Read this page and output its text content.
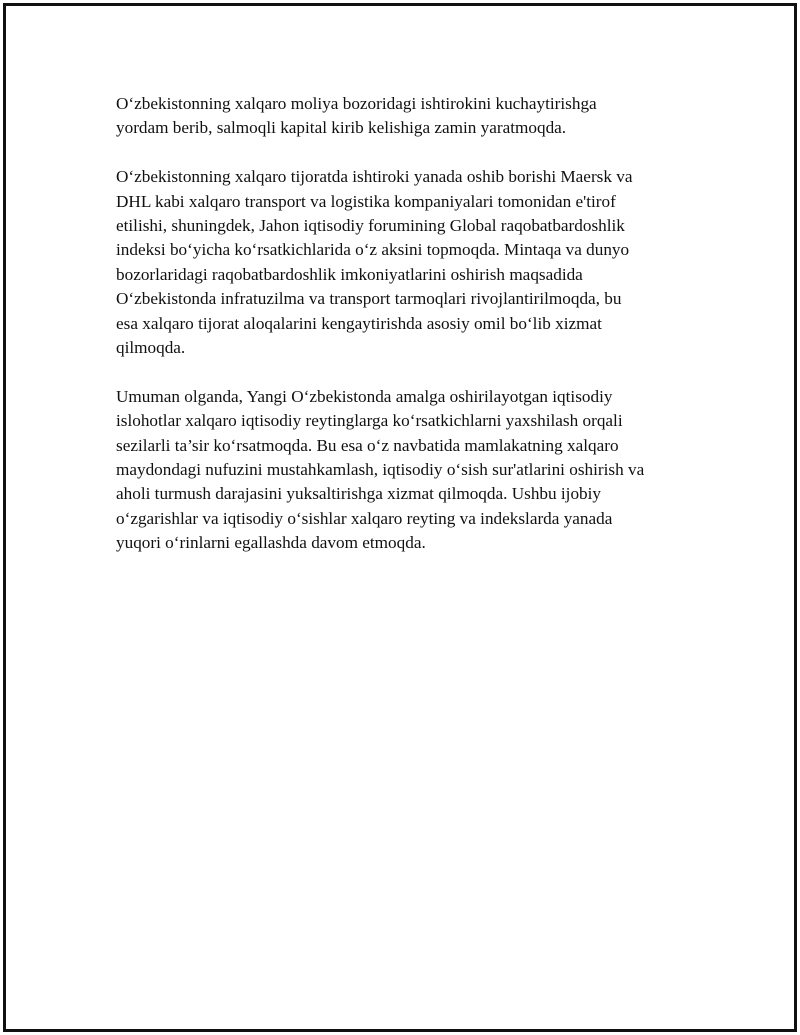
O‘zbekistonning xalqaro moliya bozoridagi ishtirokini kuchaytirishga
yordam berib, salmoqli kapital kirib kelishiga zamin yaratmoqda.

O‘zbekistonning xalqaro tijoratda ishtiroki yanada oshib borishi Maersk va
DHL kabi xalqaro transport va logistika kompaniyalari tomonidan e'tirof
etilishi, shuningdek, Jahon iqtisodiy forumining Global raqobatbardoshlik
indeksi bo‘yicha ko‘rsatkichlarida o‘z aksini topmoqda. Mintaqa va dunyo
bozorlaridagi raqobatbardoshlik imkoniyatlarini oshirish maqsadida
O‘zbekistonda infratuzilma va transport tarmoqlari rivojlantirilmoqda, bu
esa xalqaro tijorat aloqalarini kengaytirishda asosiy omil bo‘lib xizmat
qilmoqda.

Umuman olganda, Yangi O‘zbekistonda amalga oshirilayotgan iqtisodiy
islohotlar xalqaro iqtisodiy reytinglarga ko‘rsatkichlarni yaxshilash orqali
sezilarli ta’sir ko‘rsatmoqda. Bu esa o‘z navbatida mamlakatning xalqaro
maydondagi nufuzini mustahkamlash, iqtisodiy o‘sish sur'atlarini oshirish va
aholi turmush darajasini yuksaltirishga xizmat qilmoqda. Ushbu ijobiy
o‘zgarishlar va iqtisodiy o‘sishlar xalqaro reyting va indekslarda yanada
yuqori o‘rinlarni egallashda davom etmoqda.
